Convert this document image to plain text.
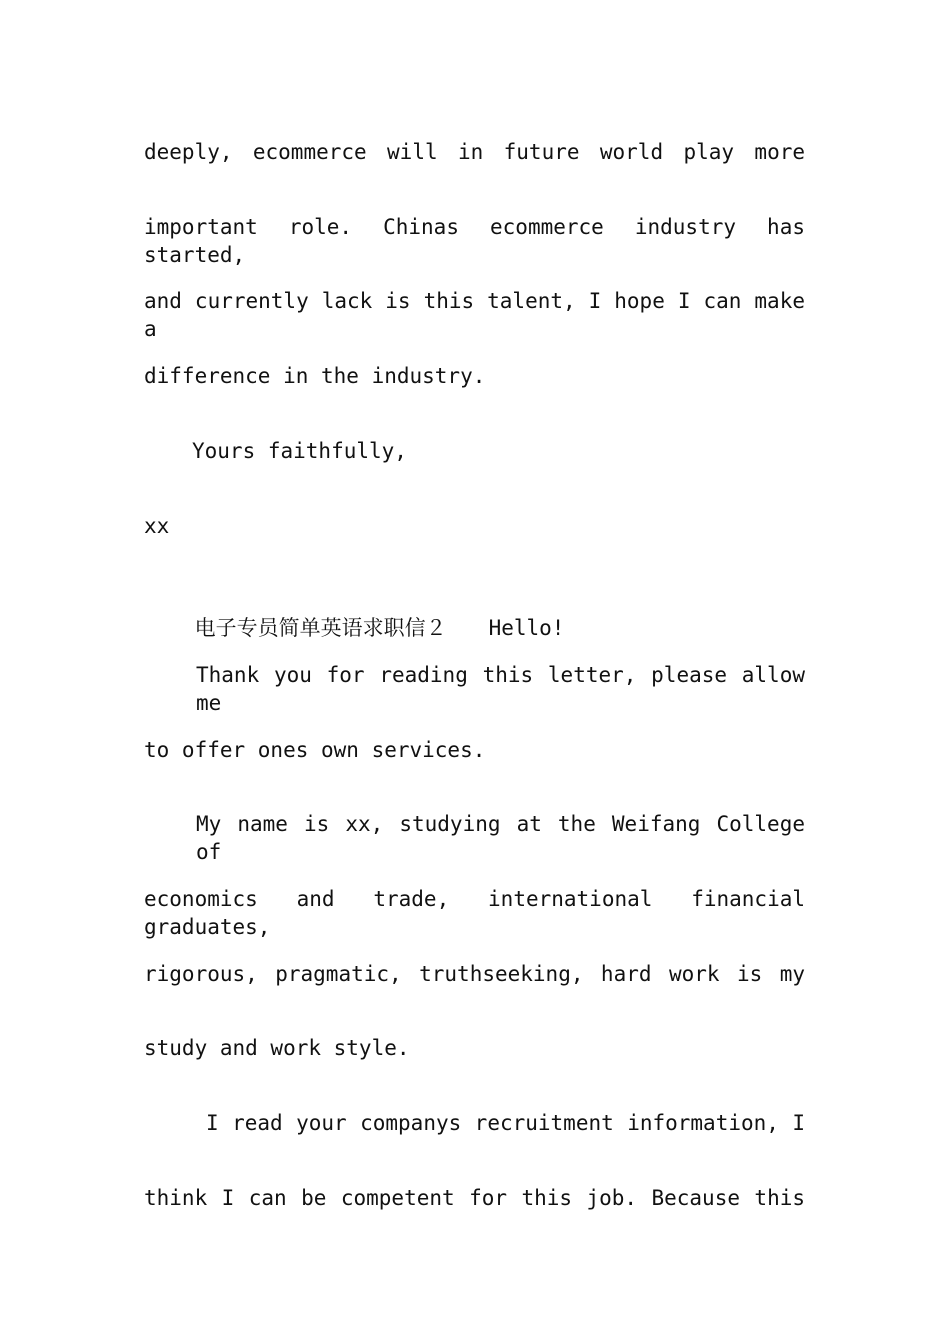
deeply, ecommerce will in future world play more

important role. Chinas ecommerce industry has started,

and currently lack is this talent, I hope I can make a

difference in the industry.

Yours faithfully,

xx

电子专员简单英语求职信２ Hello!

Thank you for reading this letter, please allow me

to offer ones own services.

My name is xx, studying at the Weifang College of

economics and trade, international financial graduates,

rigorous, pragmatic, truthseeking, hard work is my

study and work style.

I read your companys recruitment information, I

think I can be competent for this job. Because this
